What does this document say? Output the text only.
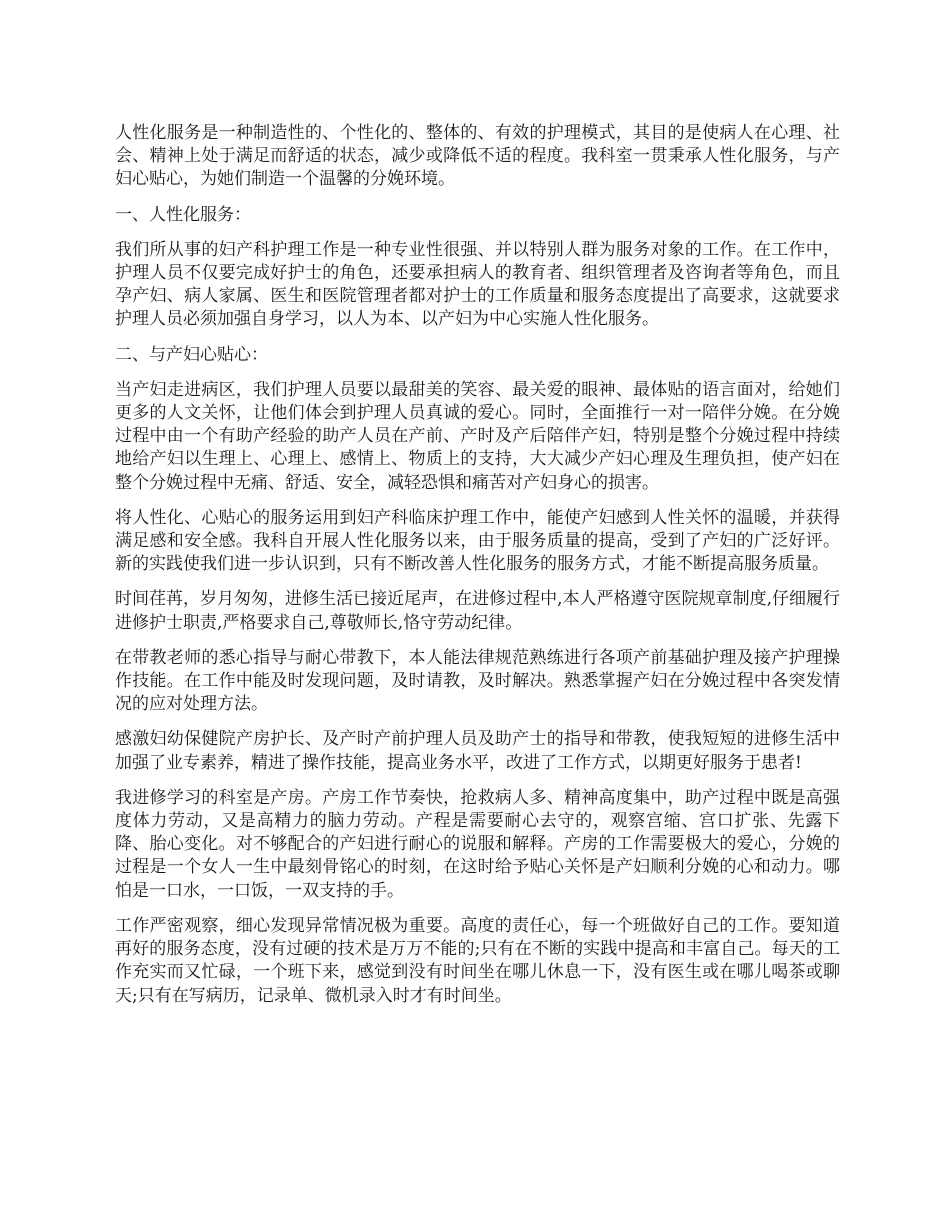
人性化服务是一种制造性的、个性化的、整体的、有效的护理模式，其目的是使病人在心理、社会、精神上处于满足而舒适的状态，减少或降低不适的程度。我科室一贯秉承人性化服务，与产妇心贴心，为她们制造一个温馨的分娩环境。

一、人性化服务：

我们所从事的妇产科护理工作是一种专业性很强、并以特别人群为服务对象的工作。在工作中，护理人员不仅要完成好护士的角色，还要承担病人的教育者、组织管理者及咨询者等角色，而且孕产妇、病人家属、医生和医院管理者都对护士的工作质量和服务态度提出了高要求，这就要求护理人员必须加强自身学习，以人为本、以产妇为中心实施人性化服务。

二、与产妇心贴心：

当产妇走进病区，我们护理人员要以最甜美的笑容、最关爱的眼神、最体贴的语言面对，给她们更多的人文关怀，让他们体会到护理人员真诚的爱心。同时，全面推行一对一陪伴分娩。在分娩过程中由一个有助产经验的助产人员在产前、产时及产后陪伴产妇，特别是整个分娩过程中持续地给产妇以生理上、心理上、感情上、物质上的支持，大大减少产妇心理及生理负担，使产妇在整个分娩过程中无痛、舒适、安全，减轻恐惧和痛苦对产妇身心的损害。

将人性化、心贴心的服务运用到妇产科临床护理工作中，能使产妇感到人性关怀的温暖，并获得满足感和安全感。我科自开展人性化服务以来，由于服务质量的提高，受到了产妇的广泛好评。新的实践使我们进一步认识到，只有不断改善人性化服务的服务方式，才能不断提高服务质量。

时间荏苒，岁月匆匆，进修生活已接近尾声，在进修过程中,本人严格遵守医院规章制度,仔细履行进修护士职责,严格要求自己,尊敬师长,恪守劳动纪律。

在带教老师的悉心指导与耐心带教下，本人能法律规范熟练进行各项产前基础护理及接产护理操作技能。在工作中能及时发现问题，及时请教，及时解决。熟悉掌握产妇在分娩过程中各突发情况的应对处理方法。

感激妇幼保健院产房护长、及产时产前护理人员及助产士的指导和带教，使我短短的进修生活中加强了业专素养，精进了操作技能，提高业务水平，改进了工作方式，以期更好服务于患者!

我进修学习的科室是产房。产房工作节奏快，抢救病人多、精神高度集中，助产过程中既是高强度体力劳动，又是高精力的脑力劳动。产程是需要耐心去守的，观察宫缩、宫口扩张、先露下降、胎心变化。对不够配合的产妇进行耐心的说服和解释。产房的工作需要极大的爱心，分娩的过程是一个女人一生中最刻骨铭心的时刻，在这时给予贴心关怀是产妇顺利分娩的心和动力。哪怕是一口水，一口饭，一双支持的手。

工作严密观察，细心发现异常情况极为重要。高度的责任心，每一个班做好自己的工作。要知道再好的服务态度，没有过硬的技术是万万不能的;只有在不断的实践中提高和丰富自己。每天的工作充实而又忙碌，一个班下来，感觉到没有时间坐在哪儿休息一下，没有医生或在哪儿喝茶或聊天;只有在写病历，记录单、微机录入时才有时间坐。
